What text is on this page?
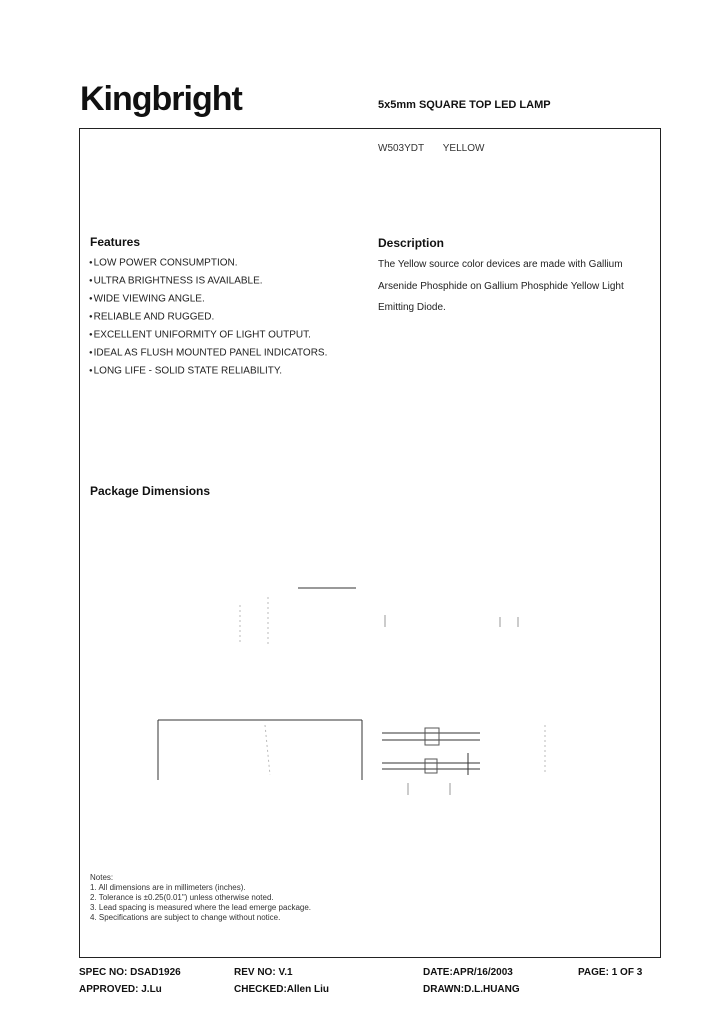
Kingbright	5x5mm SQUARE TOP LED LAMP
W503YDT YELLOW
Features
● LOW POWER CONSUMPTION.
● ULTRA BRIGHTNESS IS AVAILABLE.
● WIDE VIEWING ANGLE.
● RELIABLE AND RUGGED.
● EXCELLENT UNIFORMITY OF LIGHT OUTPUT.
● IDEAL AS FLUSH MOUNTED PANEL INDICATORS.
● LONG LIFE - SOLID STATE RELIABILITY.
Description
The Yellow source color devices are made with Gallium
Arsenide Phosphide on Gallium Phosphide Yellow Light
Emitting Diode.
Package Dimensions
Notes:
1. All dimensions are in millimeters (inches).
2. Tolerance is ±0.25(0.01") unless otherwise noted.
3. Lead spacing is measured where the lead emerge package.
4. Specifications are subject to change without notice.
SPEC NO: DSAD1926	REV NO: V.1	DATE:APR/16/2003	PAGE: 1 OF 3
APPROVED: J.Lu	CHECKED:Allen Liu	DRAWN:D.L.HUANG
